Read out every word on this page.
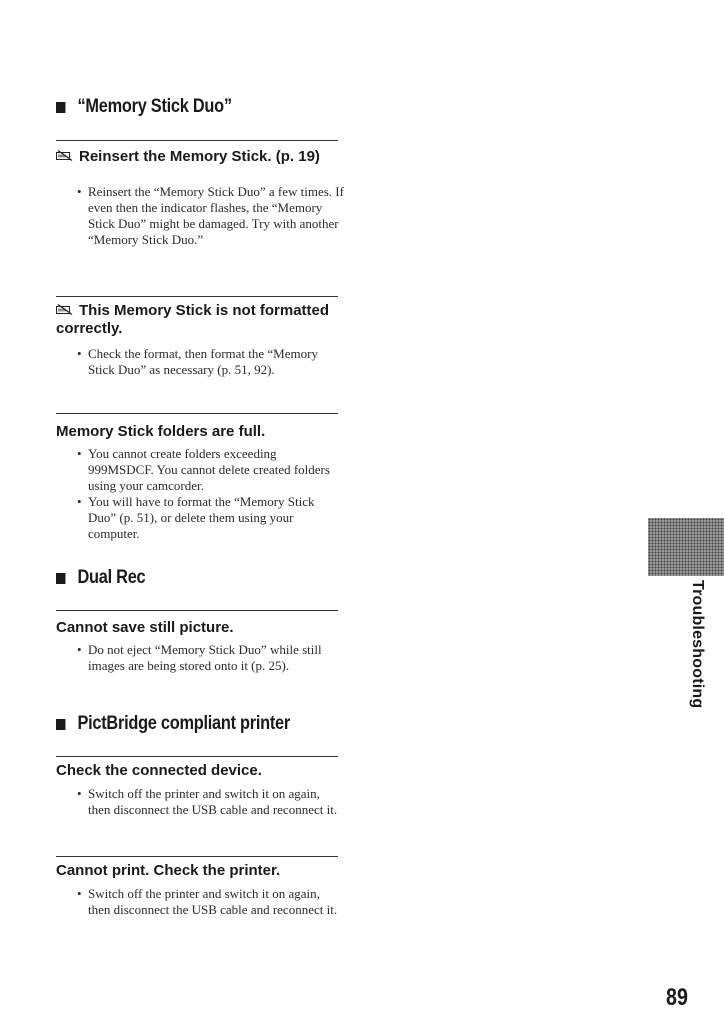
“Memory Stick Duo”
Reinsert the Memory Stick. (p. 19)
• Reinsert the “Memory Stick Duo” a few times. If even then the indicator flashes, the “Memory Stick Duo” might be damaged. Try with another “Memory Stick Duo.”
This Memory Stick is not formatted correctly.
• Check the format, then format the “Memory Stick Duo” as necessary (p. 51, 92).
Memory Stick folders are full.
• You cannot create folders exceeding 999MSDCF. You cannot delete created folders using your camcorder.
• You will have to format the “Memory Stick Duo” (p. 51), or delete them using your computer.
Dual Rec
Cannot save still picture.
• Do not eject “Memory Stick Duo” while still images are being stored onto it (p. 25).
PictBridge compliant printer
Check the connected device.
• Switch off the printer and switch it on again, then disconnect the USB cable and reconnect it.
Cannot print. Check the printer.
• Switch off the printer and switch it on again, then disconnect the USB cable and reconnect it.
Troubleshooting
89
